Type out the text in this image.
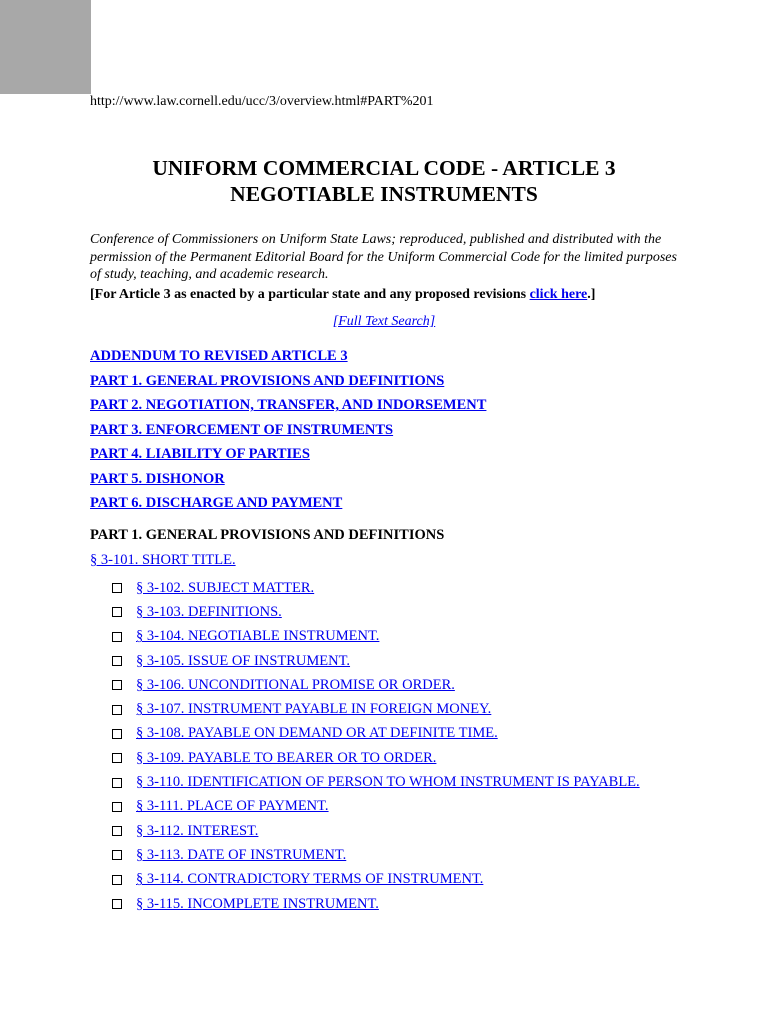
http://www.law.cornell.edu/ucc/3/overview.html#PART%201
UNIFORM COMMERCIAL CODE - ARTICLE 3
NEGOTIABLE INSTRUMENTS
Conference of Commissioners on Uniform State Laws; reproduced, published and distributed with the permission of the Permanent Editorial Board for the Uniform Commercial Code for the limited purposes of study, teaching, and academic research.
[For Article 3 as enacted by a particular state and any proposed revisions click here.]
[Full Text Search]
ADDENDUM TO REVISED ARTICLE 3
PART 1. GENERAL PROVISIONS AND DEFINITIONS
PART 2. NEGOTIATION, TRANSFER, AND INDORSEMENT
PART 3. ENFORCEMENT OF INSTRUMENTS
PART 4. LIABILITY OF PARTIES
PART 5. DISHONOR
PART 6. DISCHARGE AND PAYMENT
PART 1. GENERAL PROVISIONS AND DEFINITIONS
§ 3-101. SHORT TITLE.
§ 3-102. SUBJECT MATTER.
§ 3-103. DEFINITIONS.
§ 3-104. NEGOTIABLE INSTRUMENT.
§ 3-105. ISSUE OF INSTRUMENT.
§ 3-106. UNCONDITIONAL PROMISE OR ORDER.
§ 3-107. INSTRUMENT PAYABLE IN FOREIGN MONEY.
§ 3-108. PAYABLE ON DEMAND OR AT DEFINITE TIME.
§ 3-109. PAYABLE TO BEARER OR TO ORDER.
§ 3-110. IDENTIFICATION OF PERSON TO WHOM INSTRUMENT IS PAYABLE.
§ 3-111. PLACE OF PAYMENT.
§ 3-112. INTEREST.
§ 3-113. DATE OF INSTRUMENT.
§ 3-114. CONTRADICTORY TERMS OF INSTRUMENT.
§ 3-115. INCOMPLETE INSTRUMENT.
